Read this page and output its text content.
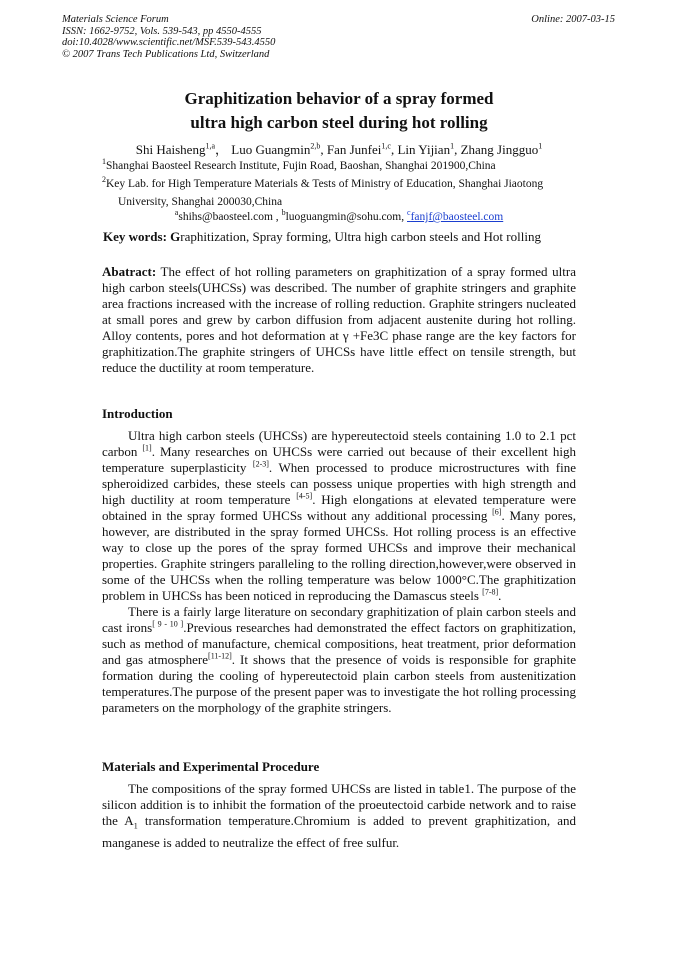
Materials Science Forum
ISSN: 1662-9752, Vols. 539-543, pp 4550-4555
doi:10.4028/www.scientific.net/MSF.539-543.4550
© 2007 Trans Tech Publications Ltd, Switzerland
Online: 2007-03-15
Graphitization behavior of a spray formed
ultra high carbon steel during hot rolling
Shi Haisheng$^{1,a}$， Luo Guangmin$^{2,b}$, Fan Junfei$^{1,c}$, Lin Yijian$^1$, Zhang Jingguo$^1$
$^1$Shanghai Baosteel Research Institute, Fujin Road, Baoshan, Shanghai 201900,China
$^2$Key Lab. for High Temperature Materials & Tests of Ministry of Education, Shanghai Jiaotong
University, Shanghai 200030,China
$^a$shihs@baosteel.com , $^b$luoguangmin@sohu.com, $^c$fanjf@baosteel.com
Key words: Graphitization, Spray forming, Ultra high carbon steels and Hot rolling

Abatract: The effect of hot rolling parameters on graphitization of a spray formed ultra high carbon steels(UHCSs) was described. The number of graphite stringers and graphite area fractions increased with the increase of rolling reduction. Graphite stringers nucleated at small pores and grew by carbon diffusion from adjacent austenite during hot rolling. Alloy contents, pores and hot deformation at γ +Fe3C phase range are the key factors for graphitization.The graphite stringers of UHCSs have little effect on tensile strength, but reduce the ductility at room temperature.

Introduction

Ultra high carbon steels (UHCSs) are hypereutectoid steels containing 1.0 to 2.1 pct carbon [1]. Many researches on UHCSs were carried out because of their excellent high temperature superplasticity [2-3]. When processed to produce microstructures with fine spheroidized carbides, these steels can possess unique properties with high strength and high ductility at room temperature [4-5]. High elongations at elevated temperature were obtained in the spray formed UHCSs without any additional processing [6]. Many pores, however, are distributed in the spray formed UHCSs. Hot rolling process is an effective way to close up the pores of the spray formed UHCSs and improve their mechanical properties. Graphite stringers paralleling to the rolling direction,however,were observed in some of the UHCSs when the rolling temperature was below 1000°C.The graphitization problem in UHCSs has been noticed in reproducing the Damascus steels [7-8].

There is a fairly large literature on secondary graphitization of plain carbon steels and cast irons[ 9 - 10 ].Previous researches had demonstrated the effect factors on graphitization, such as method of manufacture, chemical compositions, heat treatment, prior deformation and gas atmosphere[11-12]. It shows that the presence of voids is responsible for graphite formation during the cooling of hypereutectoid plain carbon steels from austenitization temperatures.The purpose of the present paper was to investigate the hot rolling processing parameters on the morphology of the graphite stringers.

Materials and Experimental Procedure

The compositions of the spray formed UHCSs are listed in table1. The purpose of the silicon addition is to inhibit the formation of the proeutectoid carbide network and to raise the $A_1$ transformation temperature.Chromium is added to prevent graphitization, and manganese is added to neutralize the effect of free sulfur.
